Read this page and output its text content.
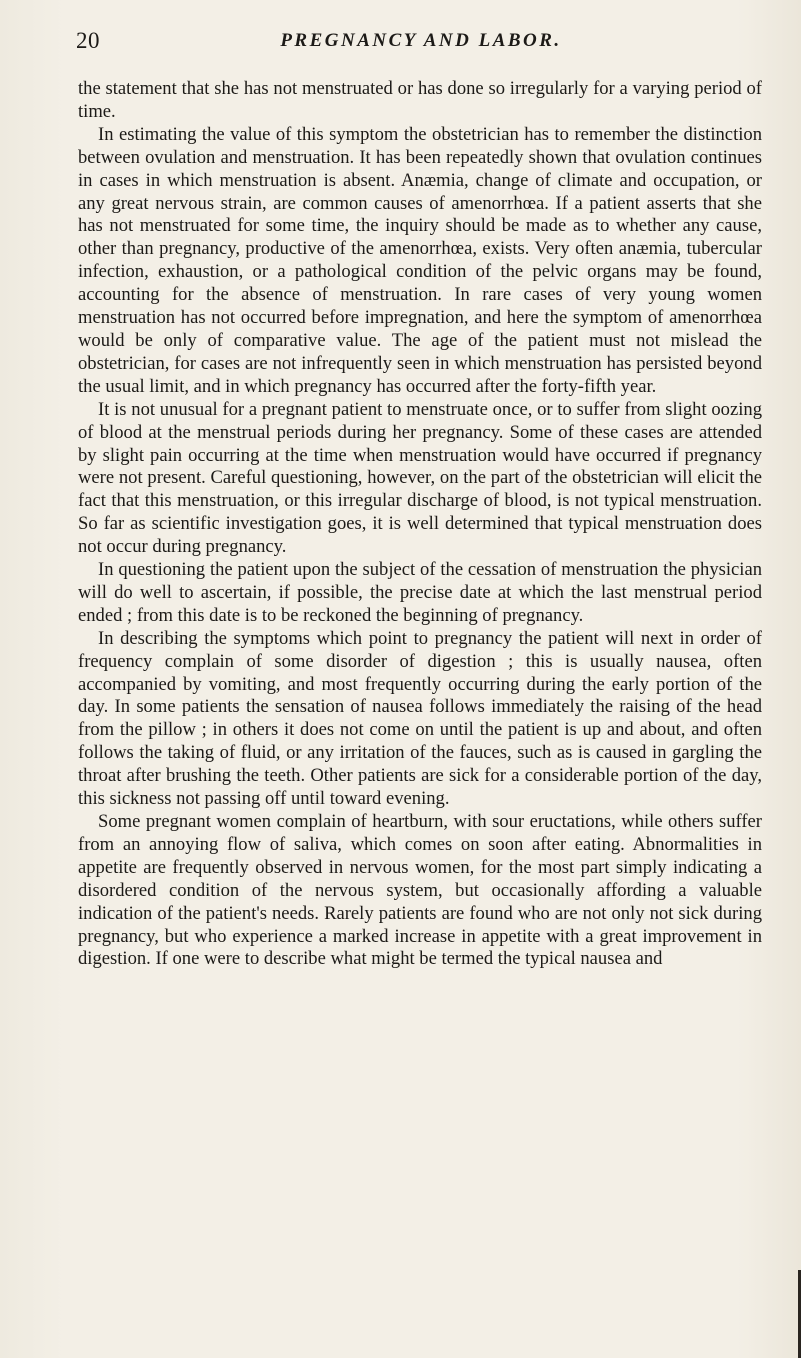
20	PREGNANCY AND LABOR.

the statement that she has not menstruated or has done so irregularly for a varying period of time.

In estimating the value of this symptom the obstetrician has to remember the distinction between ovulation and menstruation. It has been repeatedly shown that ovulation continues in cases in which menstruation is absent. Anæmia, change of climate and occupation, or any great nervous strain, are common causes of amenorrhœa. If a patient asserts that she has not menstruated for some time, the inquiry should be made as to whether any cause, other than pregnancy, productive of the amenorrhœa, exists. Very often anæmia, tubercular infection, exhaustion, or a pathological condition of the pelvic organs may be found, accounting for the absence of menstruation. In rare cases of very young women menstruation has not occurred before impregnation, and here the symptom of amenorrhœa would be only of comparative value. The age of the patient must not mislead the obstetrician, for cases are not infrequently seen in which menstruation has persisted beyond the usual limit, and in which pregnancy has occurred after the forty-fifth year.

It is not unusual for a pregnant patient to menstruate once, or to suffer from slight oozing of blood at the menstrual periods during her pregnancy. Some of these cases are attended by slight pain occurring at the time when menstruation would have occurred if pregnancy were not present. Careful questioning, however, on the part of the obstetrician will elicit the fact that this menstruation, or this irregular discharge of blood, is not typical menstruation. So far as scientific investigation goes, it is well determined that typical menstruation does not occur during pregnancy.

In questioning the patient upon the subject of the cessation of menstruation the physician will do well to ascertain, if possible, the precise date at which the last menstrual period ended ; from this date is to be reckoned the beginning of pregnancy.

In describing the symptoms which point to pregnancy the patient will next in order of frequency complain of some disorder of digestion ; this is usually nausea, often accompanied by vomiting, and most frequently occurring during the early portion of the day. In some patients the sensation of nausea follows immediately the raising of the head from the pillow ; in others it does not come on until the patient is up and about, and often follows the taking of fluid, or any irritation of the fauces, such as is caused in gargling the throat after brushing the teeth. Other patients are sick for a considerable portion of the day, this sickness not passing off until toward evening.

Some pregnant women complain of heartburn, with sour eructations, while others suffer from an annoying flow of saliva, which comes on soon after eating. Abnormalities in appetite are frequently observed in nervous women, for the most part simply indicating a disordered condition of the nervous system, but occasionally affording a valuable indication of the patient's needs. Rarely patients are found who are not only not sick during pregnancy, but who experience a marked increase in appetite with a great improvement in digestion. If one were to describe what might be termed the typical nausea and
